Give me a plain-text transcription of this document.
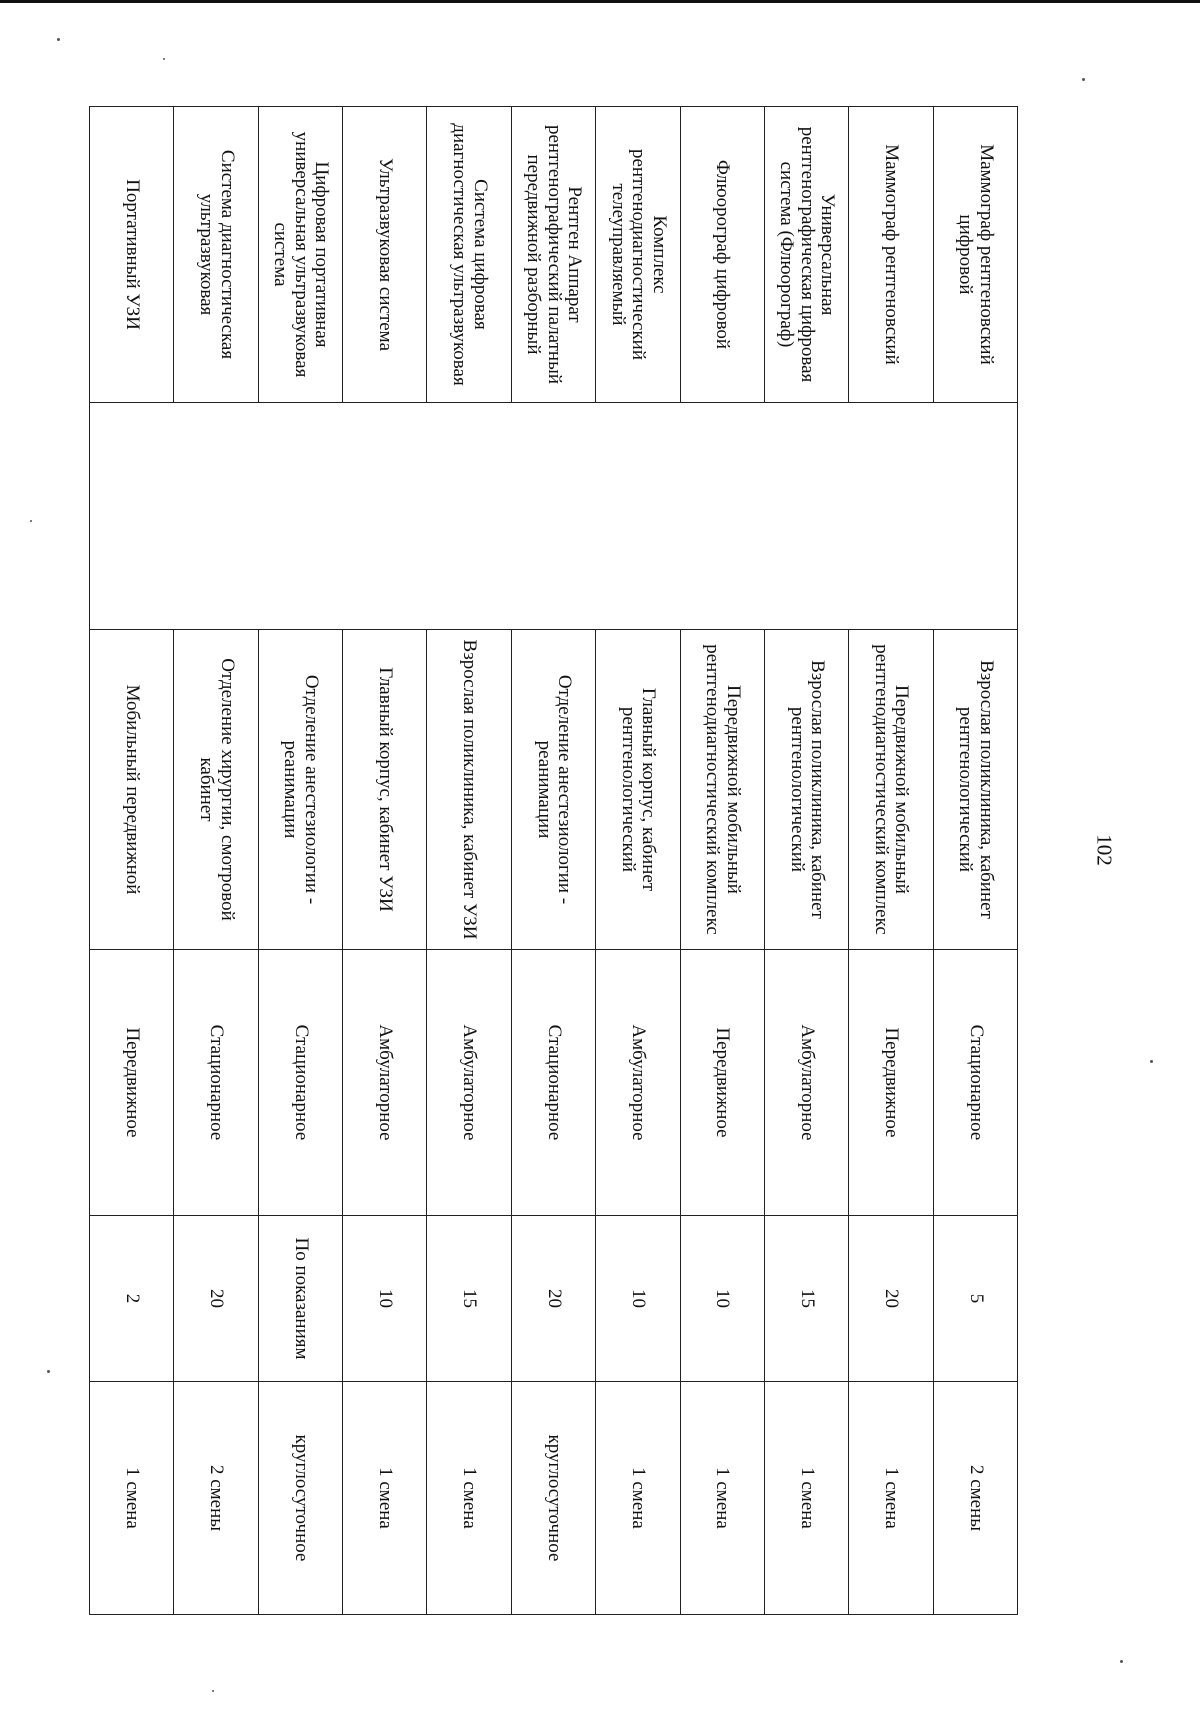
102
Маммограф рентгеновский цифровой		Взрослая поликлиника, кабинет рентгенологический	Стационарное	5	2 смены
Маммограф рентгеновский		Передвижной мобильный рентгенодиагностический комплекс	Передвижное	20	1 смена
Универсальная рентгенографическая цифровая система (Флюорограф)		Взрослая поликлиника, кабинет рентгенологический	Амбулаторное	15	1 смена
Флюорограф цифровой		Передвижной мобильный рентгенодиагностический комплекс	Передвижное	10	1 смена
Комплекс рентгенодиагностический телеуправляемый		Главный корпус, кабинет рентгенологический	Амбулаторное	10	1 смена
Рентген Аппарат рентгенографический палатный передвижной разборный		Отделение анестезиологии - реанимации	Стационарное	20	круглосуточное
Система цифровая диагностическая ультразвуковая		Взрослая поликлиника, кабинет УЗИ	Амбулаторное	15	1 смена
Ультразвуковая система		Главный корпус, кабинет УЗИ	Амбулаторное	10	1 смена
Цифровая портативная универсальная ультразвуковая система		Отделение анестезиологии - реанимации	Стационарное	По показаниям	круглосуточное
Система диагностическая ультразвуковая		Отделение хирургии, смотровой кабинет	Стационарное	20	2 смены
Портативный УЗИ		Мобильный передвижной	Передвижное	2	1 смена
